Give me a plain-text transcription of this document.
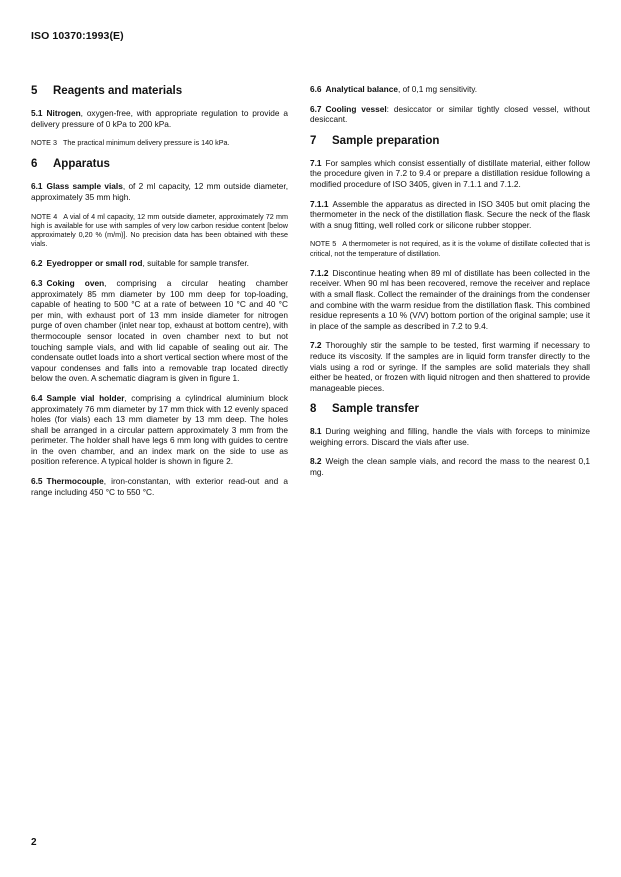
ISO 10370:1993(E)
5 Reagents and materials

5.1 Nitrogen, oxygen-free, with appropriate regulation to provide a delivery pressure of 0 kPa to 200 kPa.

NOTE 3 The practical minimum delivery pressure is 140 kPa.

6 Apparatus

6.1 Glass sample vials, of 2 ml capacity, 12 mm outside diameter, approximately 35 mm high.

NOTE 4 A vial of 4 ml capacity, 12 mm outside diameter, approximately 72 mm high is available for use with samples of very low carbon residue content [below approximately 0,20 % (m/m)]. No precision data has been obtained with these vials.

6.2 Eyedropper or small rod, suitable for sample transfer.

6.3 Coking oven, comprising a circular heating chamber approximately 85 mm diameter by 100 mm deep for top-loading, capable of heating to 500 °C at a rate of between 10 °C and 40 °C per min, with exhaust port of 13 mm inside diameter for nitrogen purge of oven chamber (inlet near top, exhaust at bottom centre), with thermocouple sensor located in oven chamber next to but not touching sample vials, and with lid capable of sealing out air. The condensate outlet loads into a short vertical section where most of the vapour condenses and falls into a removable trap located directly below the oven. A schematic diagram is given in figure 1.

6.4 Sample vial holder, comprising a cylindrical aluminium block approximately 76 mm diameter by 17 mm thick with 12 evenly spaced holes (for vials) each 13 mm diameter by 13 mm deep. The holes shall be arranged in a circular pattern approximately 3 mm from the perimeter. The holder shall have legs 6 mm long with guides to centre in the oven chamber, and an index mark on the side to use as position reference. A typical holder is shown in figure 2.

6.5 Thermocouple, iron-constantan, with exterior read-out and a range including 450 °C to 550 °C.

6.6 Analytical balance, of 0,1 mg sensitivity.

6.7 Cooling vessel: desiccator or similar tightly closed vessel, without desiccant.

7 Sample preparation

7.1 For samples which consist essentially of distillate material, either follow the procedure given in 7.2 to 9.4 or prepare a distillation residue following a modified procedure of ISO 3405, given in 7.1.1 and 7.1.2.

7.1.1 Assemble the apparatus as directed in ISO 3405 but omit placing the thermometer in the neck of the distillation flask. Secure the neck of the flask with a snug fitting, well rolled cork or silicone rubber stopper.

NOTE 5 A thermometer is not required, as it is the volume of distillate collected that is critical, not the temperature of distillation.

7.1.2 Discontinue heating when 89 ml of distillate has been collected in the receiver. When 90 ml has been recovered, remove the receiver and replace with a small flask. Collect the remainder of the drainings from the condenser and combine with the warm residue from the distillation flask. This combined residue represents a 10 % (V/V) bottom portion of the original sample; use it in place of the sample as described in 7.2 to 9.4.

7.2 Thoroughly stir the sample to be tested, first warming if necessary to reduce its viscosity. If the samples are in liquid form transfer directly to the vials using a rod or syringe. If the samples are solid materials they shall either be heated, or frozen with liquid nitrogen and then shattered to provide manageable pieces.

8 Sample transfer

8.1 During weighing and filling, handle the vials with forceps to minimize weighing errors. Discard the vials after use.

8.2 Weigh the clean sample vials, and record the mass to the nearest 0,1 mg.

2
